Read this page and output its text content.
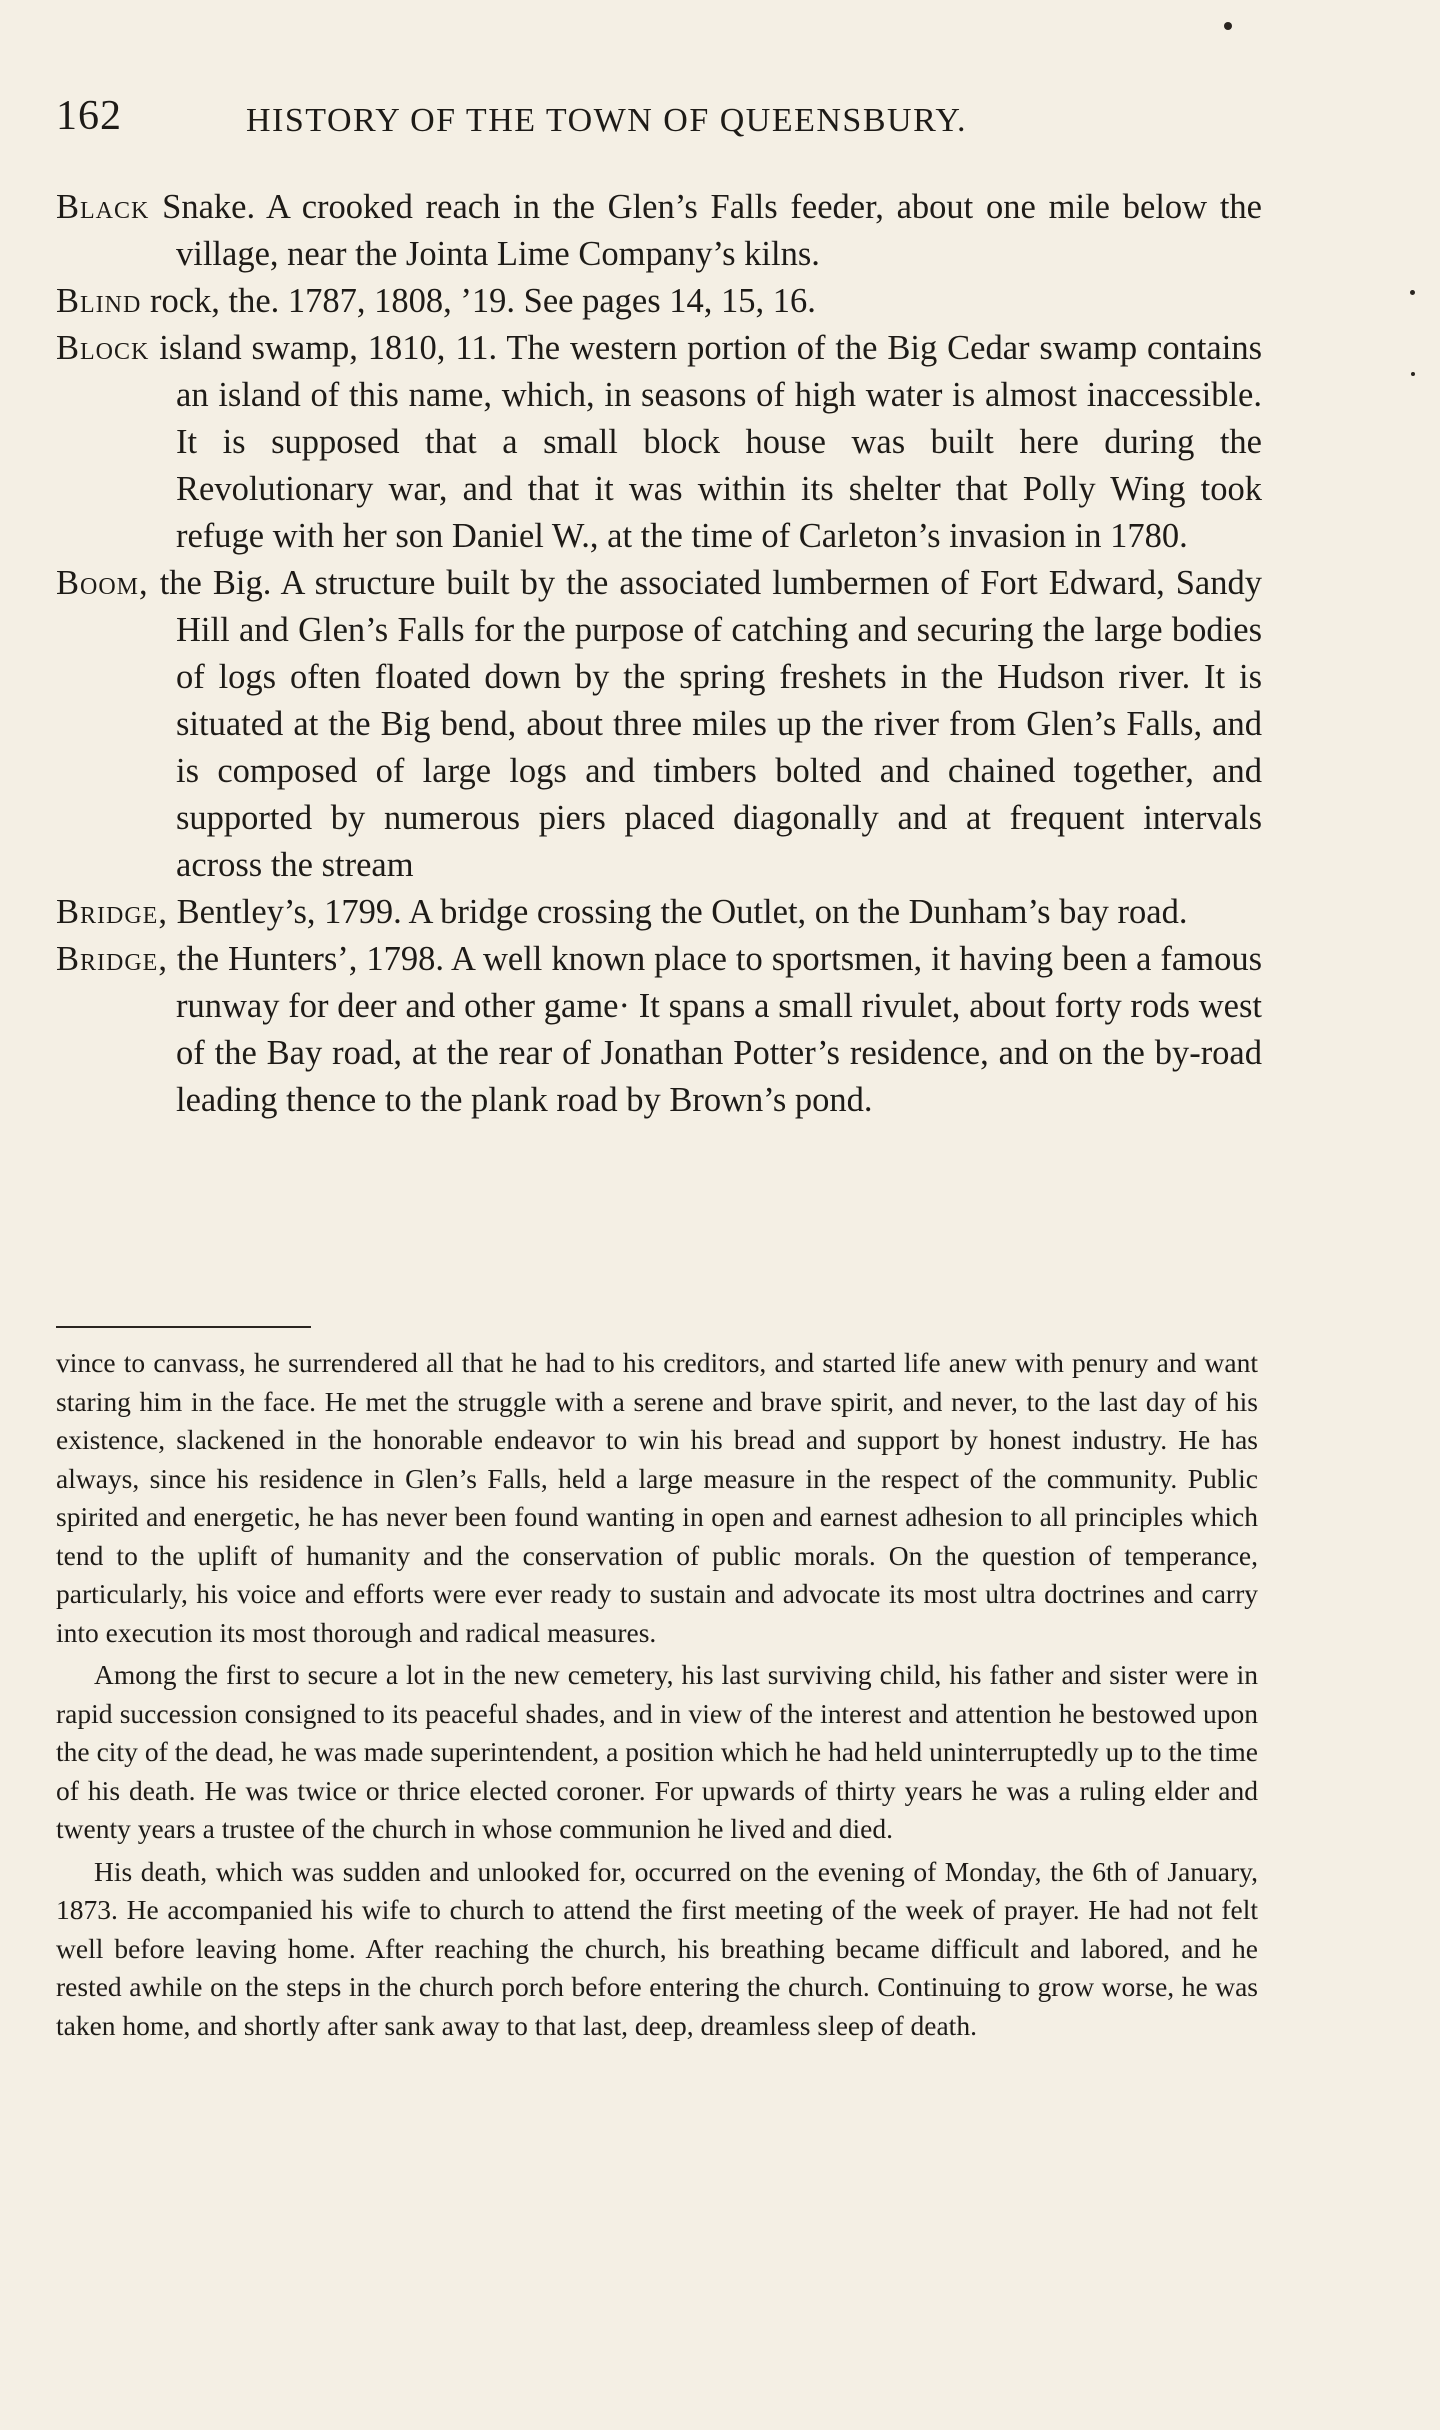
162	HISTORY OF THE TOWN OF QUEENSBURY.

Black Snake. A crooked reach in the Glen’s Falls feeder, about one mile below the village, near the Jointa Lime Company’s kilns.

Blind rock, the. 1787, 1808, ’19. See pages 14, 15, 16.

Block island swamp, 1810, 11. The western portion of the Big Cedar swamp contains an island of this name, which, in seasons of high water is almost inaccessible. It is supposed that a small block house was built here during the Revolutionary war, and that it was within its shelter that Polly Wing took refuge with her son Daniel W., at the time of Carleton’s invasion in 1780.

Boom, the Big. A structure built by the associated lumbermen of Fort Edward, Sandy Hill and Glen’s Falls for the purpose of catching and securing the large bodies of logs often floated down by the spring freshets in the Hudson river. It is situated at the Big bend, about three miles up the river from Glen’s Falls, and is composed of large logs and timbers bolted and chained together, and supported by numerous piers placed diagonally and at frequent intervals across the stream

Bridge, Bentley’s, 1799. A bridge crossing the Outlet, on the Dunham’s bay road.

Bridge, the Hunters’, 1798. A well known place to sportsmen, it having been a famous runway for deer and other game· It spans a small rivulet, about forty rods west of the Bay road, at the rear of Jonathan Potter’s residence, and on the by-road leading thence to the plank road by Brown’s pond.

vince to canvass, he surrendered all that he had to his creditors, and started life anew with penury and want staring him in the face. He met the struggle with a serene and brave spirit, and never, to the last day of his existence, slackened in the honorable endeavor to win his bread and support by honest industry. He has always, since his residence in Glen’s Falls, held a large measure in the respect of the community. Public spirited and energetic, he has never been found wanting in open and earnest adhesion to all principles which tend to the uplift of humanity and the conservation of public morals. On the question of temperance, particularly, his voice and efforts were ever ready to sustain and advocate its most ultra doctrines and carry into execution its most thorough and radical measures.

Among the first to secure a lot in the new cemetery, his last surviving child, his father and sister were in rapid succession consigned to its peaceful shades, and in view of the interest and attention he bestowed upon the city of the dead, he was made superintendent, a position which he had held uninterruptedly up to the time of his death. He was twice or thrice elected coroner. For upwards of thirty years he was a ruling elder and twenty years a trustee of the church in whose communion he lived and died.

His death, which was sudden and unlooked for, occurred on the evening of Monday, the 6th of January, 1873. He accompanied his wife to church to attend the first meeting of the week of prayer. He had not felt well before leaving home. After reaching the church, his breathing became difficult and labored, and he rested awhile on the steps in the church porch before entering the church. Continuing to grow worse, he was taken home, and shortly after sank away to that last, deep, dreamless sleep of death.
